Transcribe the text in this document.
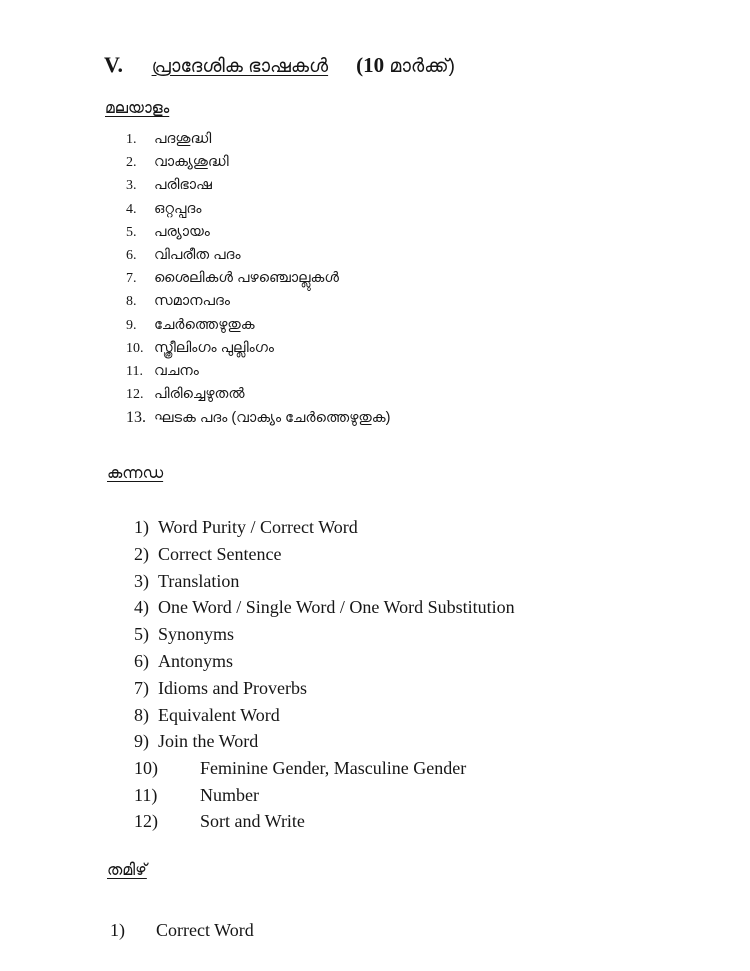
V. പ്രാദേശിക ഭാഷകൾ (10 മാർക്ക്)
മലയാളം
1.	പദശുദ്ധി
2.	വാക്യശുദ്ധി
3.	പരിഭാഷ
4.	ഒറ്റപ്പദം
5.	പര്യായം
6.	വിപരീത പദം
7.	ശൈലികൾ പഴഞ്ചൊല്ലുകൾ
8.	സമാനപദം
9.	ചേർത്തെഴുതുക
10. സ്ത്രീലിംഗം പുല്ലിംഗം
11. വചനം
12. പിരിച്ചെഴുതൽ
13. ഘടക പദം (വാക്യം ചേർത്തെഴുതുക)
കന്നഡ
1) Word Purity / Correct Word
2) Correct Sentence
3) Translation
4) One Word / Single Word / One Word Substitution
5) Synonyms
6) Antonyms
7) Idioms and Proverbs
8) Equivalent Word
9) Join the Word
10)	Feminine Gender, Masculine Gender
11)	Number
12)	Sort and Write
തമിഴ്
1)	Correct Word
